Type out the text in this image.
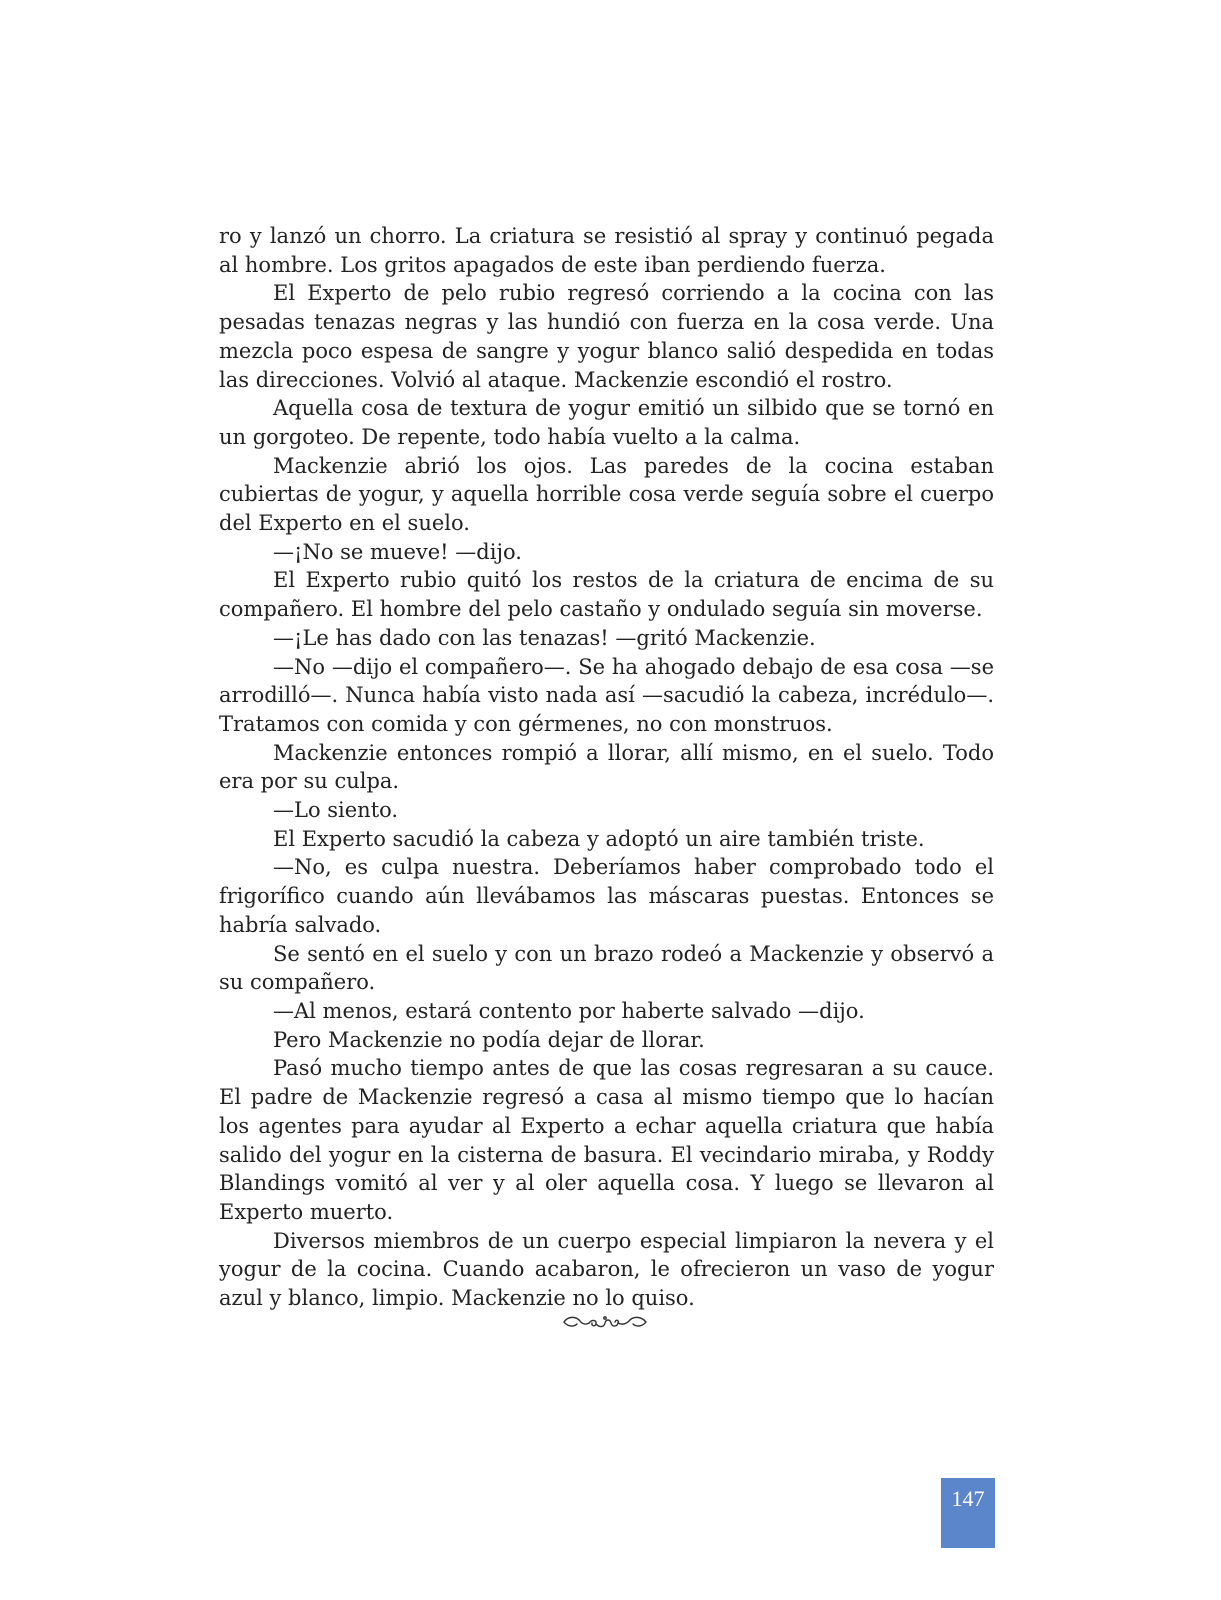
ro y lanzó un chorro. La criatura se resistió al spray y continuó pegada al hombre. Los gritos apagados de este iban perdiendo fuerza.

El Experto de pelo rubio regresó corriendo a la cocina con las pesadas tenazas negras y las hundió con fuerza en la cosa verde. Una mezcla poco espesa de sangre y yogur blanco salió despedida en todas las direcciones. Volvió al ataque. Mackenzie escondió el rostro.

Aquella cosa de textura de yogur emitió un silbido que se tornó en un gorgoteo. De repente, todo había vuelto a la calma.

Mackenzie abrió los ojos. Las paredes de la cocina estaban cubiertas de yogur, y aquella horrible cosa verde seguía sobre el cuerpo del Experto en el suelo.

—¡No se mueve! —dijo.

El Experto rubio quitó los restos de la criatura de encima de su compañero. El hombre del pelo castaño y ondulado seguía sin moverse.

—¡Le has dado con las tenazas! —gritó Mackenzie.

—No —dijo el compañero—. Se ha ahogado debajo de esa cosa —se arrodilló—. Nunca había visto nada así —sacudió la cabeza, incrédulo—. Tratamos con comida y con gérmenes, no con monstruos.

Mackenzie entonces rompió a llorar, allí mismo, en el suelo. Todo era por su culpa.

—Lo siento.

El Experto sacudió la cabeza y adoptó un aire también triste.

—No, es culpa nuestra. Deberíamos haber comprobado todo el frigorífico cuando aún llevábamos las máscaras puestas. Entonces se habría salvado.

Se sentó en el suelo y con un brazo rodeó a Mackenzie y observó a su compañero.

—Al menos, estará contento por haberte salvado —dijo.

Pero Mackenzie no podía dejar de llorar.

Pasó mucho tiempo antes de que las cosas regresaran a su cauce. El padre de Mackenzie regresó a casa al mismo tiempo que lo hacían los agentes para ayudar al Experto a echar aquella criatura que había salido del yogur en la cisterna de basura. El vecindario miraba, y Roddy Blandings vomitó al ver y al oler aquella cosa. Y luego se llevaron al Experto muerto.

Diversos miembros de un cuerpo especial limpiaron la nevera y el yogur de la cocina. Cuando acabaron, le ofrecieron un vaso de yogur azul y blanco, limpio. Mackenzie no lo quiso.

147
